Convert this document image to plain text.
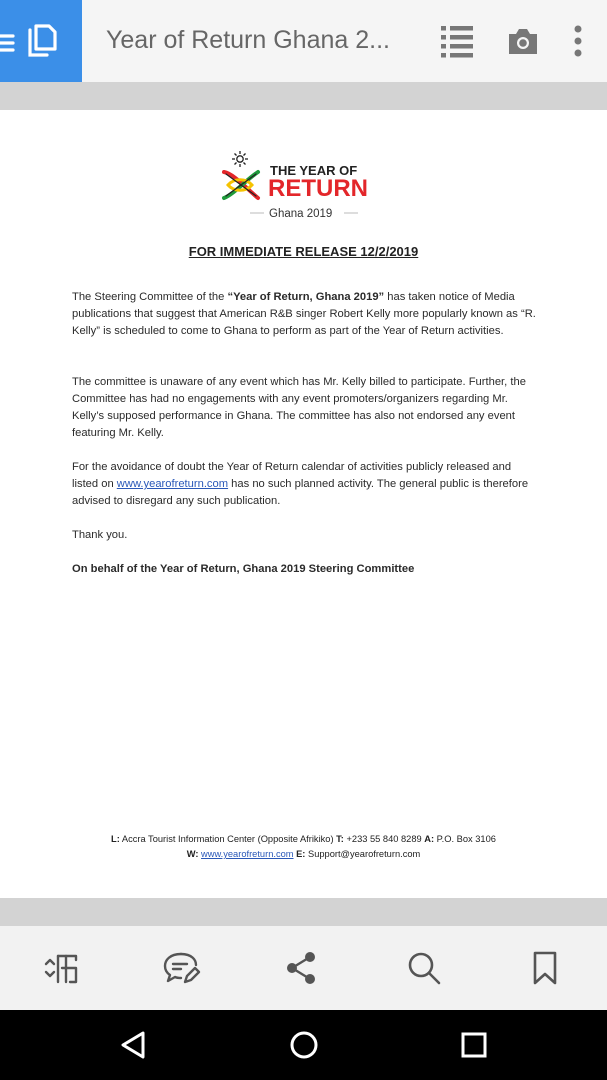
Year of Return Ghana 2...
THE YEAR OF
RETURN
Ghana 2019
FOR IMMEDIATE RELEASE 12/2/2019

The Steering Committee of the “Year of Return, Ghana 2019” has taken notice of Media publications that suggest that American R&B singer Robert Kelly more popularly known as “R. Kelly” is scheduled to come to Ghana to perform as part of the Year of Return activities.

The committee is unaware of any event which has Mr. Kelly billed to participate. Further, the Committee has had no engagements with any event promoters/organizers regarding Mr. Kelly’s supposed performance in Ghana. The committee has also not endorsed any event featuring Mr. Kelly.

For the avoidance of doubt the Year of Return calendar of activities publicly released and listed on www.yearofreturn.com has no such planned activity. The general public is therefore advised to disregard any such publication.

Thank you.

On behalf of the Year of Return, Ghana 2019 Steering Committee

L: Accra Tourist Information Center (Opposite Afrikiko) T: +233 55 840 8289 A: P.O. Box 3106
W: www.yearofreturn.com E: Support@yearofreturn.com
